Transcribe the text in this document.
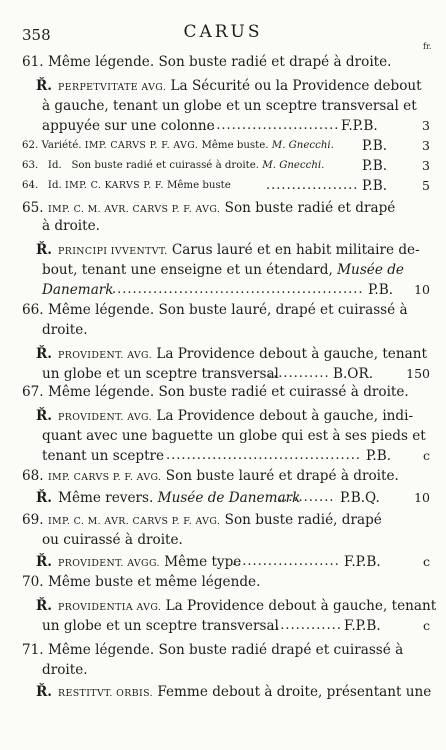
358	CARUS
fr.
61. Même légende. Son buste radié et drapé à droite.
Ř. PERPETVITATE AVG. La Sécurité ou la Providence debout
à gauche, tenant un globe et un sceptre transversal et
appuyée sur une colonne .....	F.P.B.	3
62. Variété. IMP. CARVS P. F. AVG. Même buste. M. Gnecchi. P.B.	3
63. Id. Son buste radié et cuirassé à droite. M. Gnecchi.	P.B.	3
64. Id. IMP. C. KARVS P. F. Même buste .....	P.B.	5
65. IMP. C. M. AVR. CARVS P. F. AVG. Son buste radié et drapé
à droite.
Ř. PRINCIPI IVVENTVT. Carus lauré et en habit militaire de-
bout, tenant une enseigne et un étendard, Musée de
Danemark .....	P.B. 10
66. Même légende. Son buste lauré, drapé et cuirassé à
droite.
Ř. PROVIDENT. AVG. La Providence debout à gauche, tenant
un globe et un sceptre transversal .....	B.OR.	150
67. Même légende. Son buste radié et cuirassé à droite.
Ř. PROVIDENT. AVG. La Providence debout à gauche, indi-
quant avec une baguette un globe qui est à ses pieds et
tenant un sceptre .....	P.B.	c
68. IMP. CARVS P. F. AVG. Son buste lauré et drapé à droite.
Ř. Même revers. Musée de Danemark .....	P.B.Q.	10
69. IMP. C. M. AVR. CARVS P. F. AVG. Son buste radié, drapé
ou cuirassé à droite.
Ř. PROVIDENT. AVGG. Même type .....	F.P.B.	c
70. Même buste et même légende.
Ř. PROVIDENTIA AVG. La Providence debout à gauche, tenant
un globe et un sceptre transversal .....	F.P.B.	c
71. Même légende. Son buste radié drapé et cuirassé à
droite.
Ř. RESTITVT. ORBIS. Femme debout à droite, présentant une
